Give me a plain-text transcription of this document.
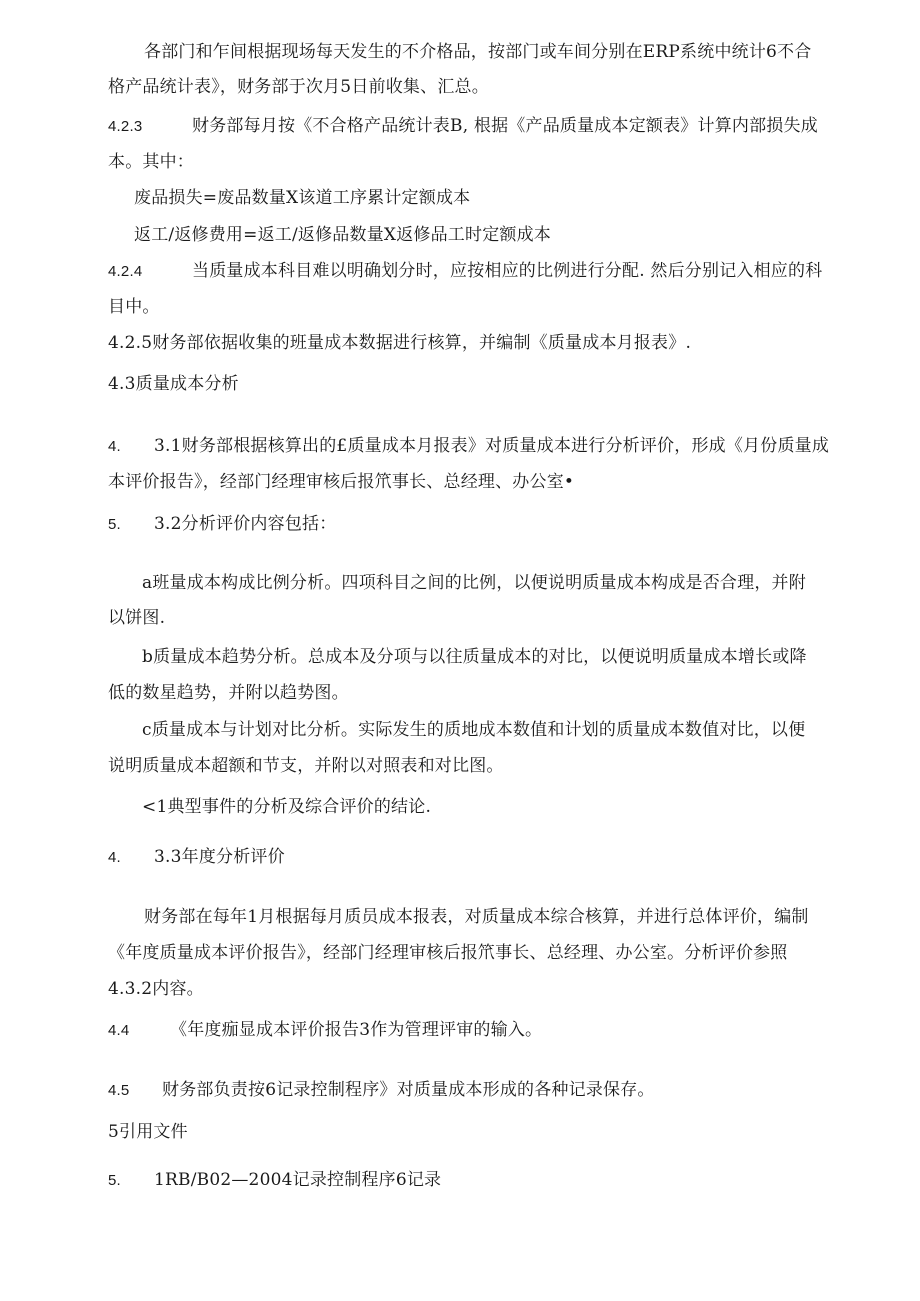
各部门和乍间根据现场每天发生的不介格品，按部门或车间分别在ERP系统中统计6不合
格产品统计表》，财务部于次月5日前收集、汇总。
4.2.3	财务部每月按《不合格产品统计表B, 根据《产品质量成本定额表》计算内部损失成
本。其中：
废品损失=废品数量X该道工序累计定额成本
返工/返修费用=返工/返修品数量X返修品工时定额成本
4.2.4	当质量成本科目难以明确划分时，应按相应的比例进行分配. 然后分别记入相应的科
目中。
4.2.5财务部依据收集的班量成本数据进行核算，并编制《质量成本月报表》.
4.3质量成本分析
4. 3.1财务部根据核算出的£质量成本月报表》对质量成本进行分析评价，形成《月份质量成
本评价报告》，经部门经理审核后报笊事长、总经理、办公室•
5. 3.2分析评价内容包括：
a班量成本构成比例分析。四项科目之间的比例，以便说明质量成本构成是否合理，并附
以饼图.
b质量成本趋势分析。总成本及分项与以往质量成本的对比，以便说明质量成本增长或降
低的数星趋势，并附以趋势图。
c质量成本与计划对比分析。实际发生的质地成本数值和计划的质量成本数值对比，以便
说明质量成本超额和节支，并附以对照表和对比图。
<1典型事件的分析及综合评价的结论.
4. 3.3年度分析评价
财务部在每年1月根据每月质员成本报表，对质量成本综合核算，并进行总体评价，编制
《年度质量成本评价报告》，经部门经理审核后报笊事长、总经理、办公室。分析评价参照
4.3.2内容。
4.4 《年度痂显成本评价报告3作为管理评审的输入。
4.5 财务部负责按6记录控制程序》对质量成本形成的各种记录保存。
5引用文件
5. 1RB/B02—2004记录控制程序6记录
